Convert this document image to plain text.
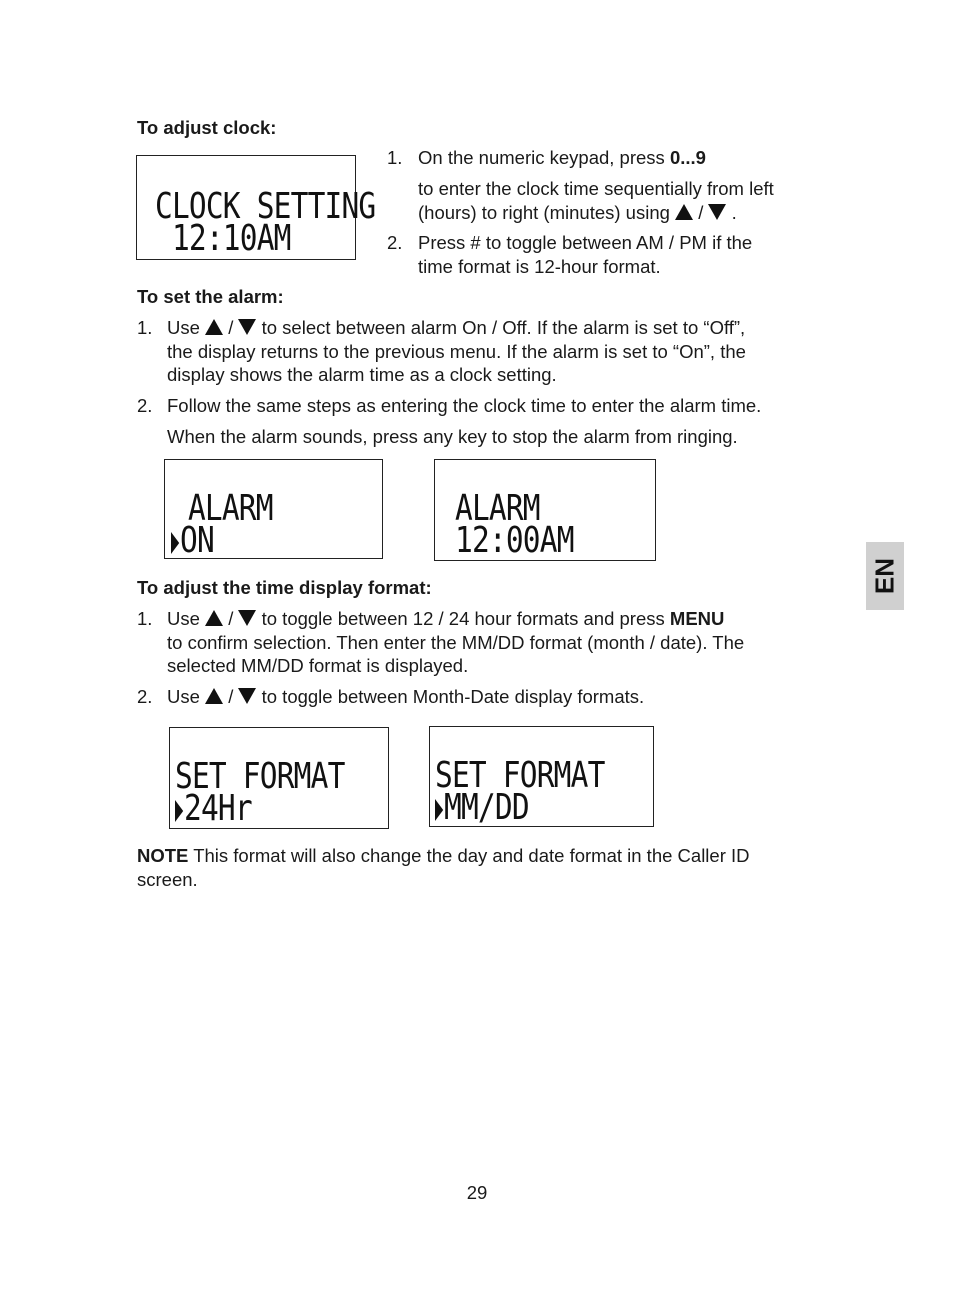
To adjust clock:
CLOCK SETTING
12:10AM
1. On the numeric keypad, press 0...9
to enter the clock time sequentially from left
(hours) to right (minutes) using / .
2. Press # to toggle between AM / PM if the
time format is 12-hour format.
To set the alarm:
1. Use / to select between alarm On / Off. If the alarm is set to “Off”,
the display returns to the previous menu. If the alarm is set to “On”, the
display shows the alarm time as a clock setting.
2. Follow the same steps as entering the clock time to enter the alarm time.
When the alarm sounds, press any key to stop the alarm from ringing.
ALARM
ON
ALARM
12:00AM
To adjust the time display format:
1. Use / to toggle between 12 / 24 hour formats and press MENU
to confirm selection. Then enter the MM/DD format (month / date). The
selected MM/DD format is displayed.
2. Use / to toggle between Month-Date display formats.
SET FORMAT
24Hr
SET FORMAT
MM/DD
NOTE This format will also change the day and date format in the Caller ID
screen.
EN
29
